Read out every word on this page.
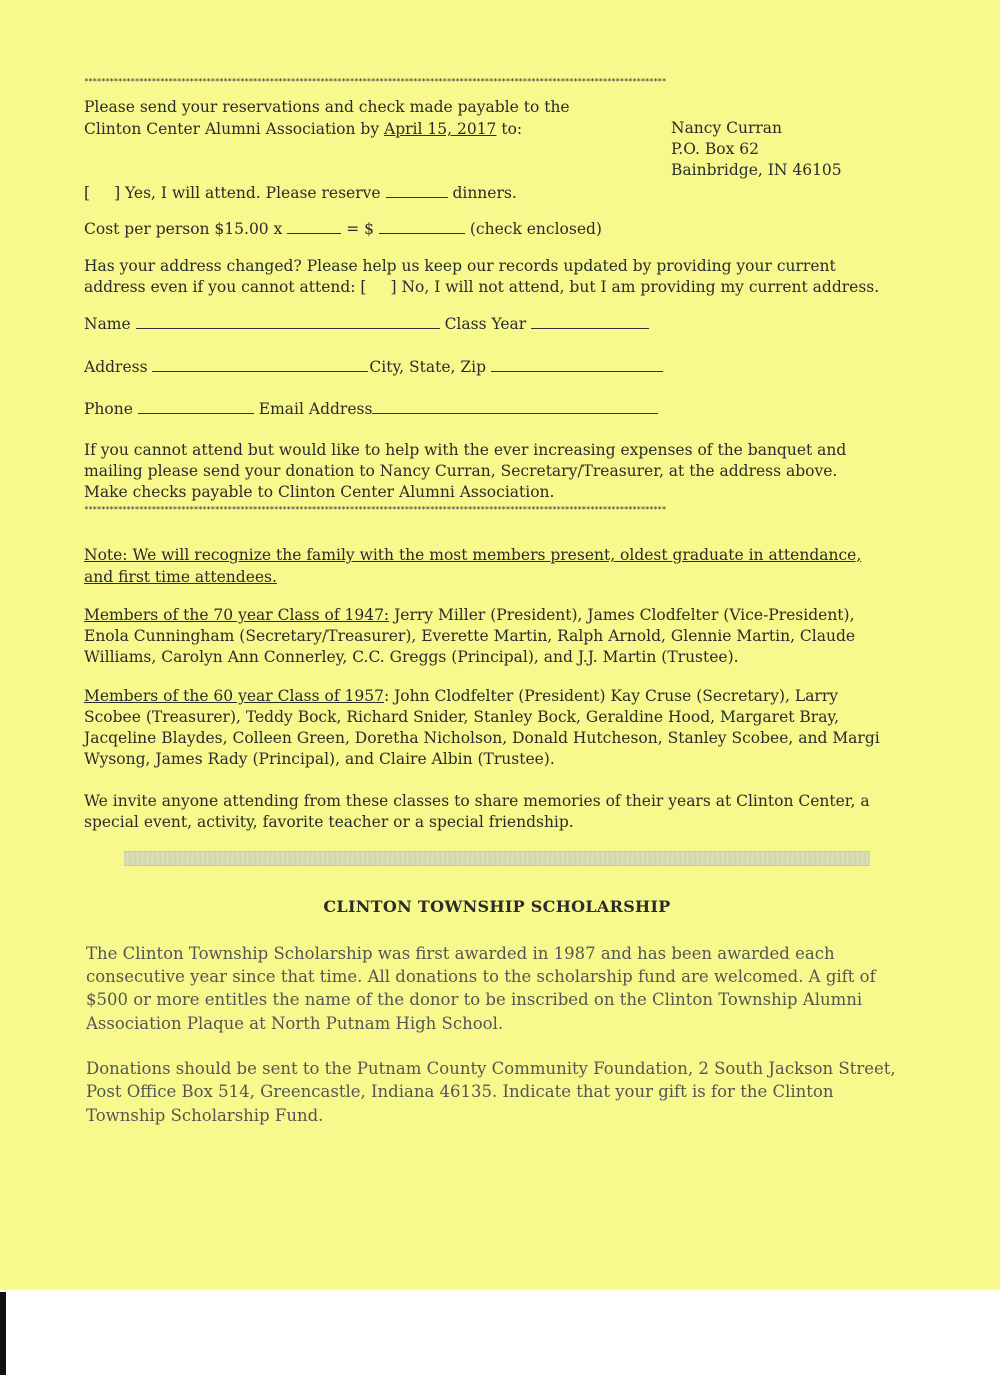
******************************************************************************************************************************************

Please send your reservations and check made payable to the

Clinton Center Alumni Association by April 15, 2017 to:	Nancy Curran

P.O. Box 62

Bainbridge, IN 46105

[ ] Yes, I will attend. Please reserve	dinners.

Cost per person $15.00 x	= $	(check enclosed)

Has your address changed? Please help us keep our records updated by providing your current

address even if you cannot attend: [ ] No, I will not attend, but I am providing my current address.

Name	Class Year

Address	City, State, Zip

Phone	Email Address

If you cannot attend but would like to help with the ever increasing expenses of the banquet and

mailing please send your donation to Nancy Curran, Secretary/Treasurer, at the address above.

Make checks payable to Clinton Center Alumni Association.

******************************************************************************************************************************************

Note: We will recognize the family with the most members present, oldest graduate in attendance,

and first time attendees.

Members of the 70 year Class of 1947: Jerry Miller (President), James Clodfelter (Vice-President),

Enola Cunningham (Secretary/Treasurer), Everette Martin, Ralph Arnold, Glennie Martin, Claude

Williams, Carolyn Ann Connerley, C.C. Greggs (Principal), and J.J. Martin (Trustee).

Members of the 60 year Class of 1957: John Clodfelter (President) Kay Cruse (Secretary), Larry

Scobee (Treasurer), Teddy Bock, Richard Snider, Stanley Bock, Geraldine Hood, Margaret Bray,

Jacqeline Blaydes, Colleen Green, Doretha Nicholson, Donald Hutcheson, Stanley Scobee, and Margi

Wysong, James Rady (Principal), and Claire Albin (Trustee).

We invite anyone attending from these classes to share memories of their years at Clinton Center, a

special event, activity, favorite teacher or a special friendship.

CLINTON TOWNSHIP SCHOLARSHIP

The Clinton Township Scholarship was first awarded in 1987 and has been awarded each

consecutive year since that time. All donations to the scholarship fund are welcomed. A gift of

$500 or more entitles the name of the donor to be inscribed on the Clinton Township Alumni

Association Plaque at North Putnam High School.

Donations should be sent to the Putnam County Community Foundation, 2 South Jackson Street,

Post Office Box 514, Greencastle, Indiana 46135. Indicate that your gift is for the Clinton

Township Scholarship Fund.
